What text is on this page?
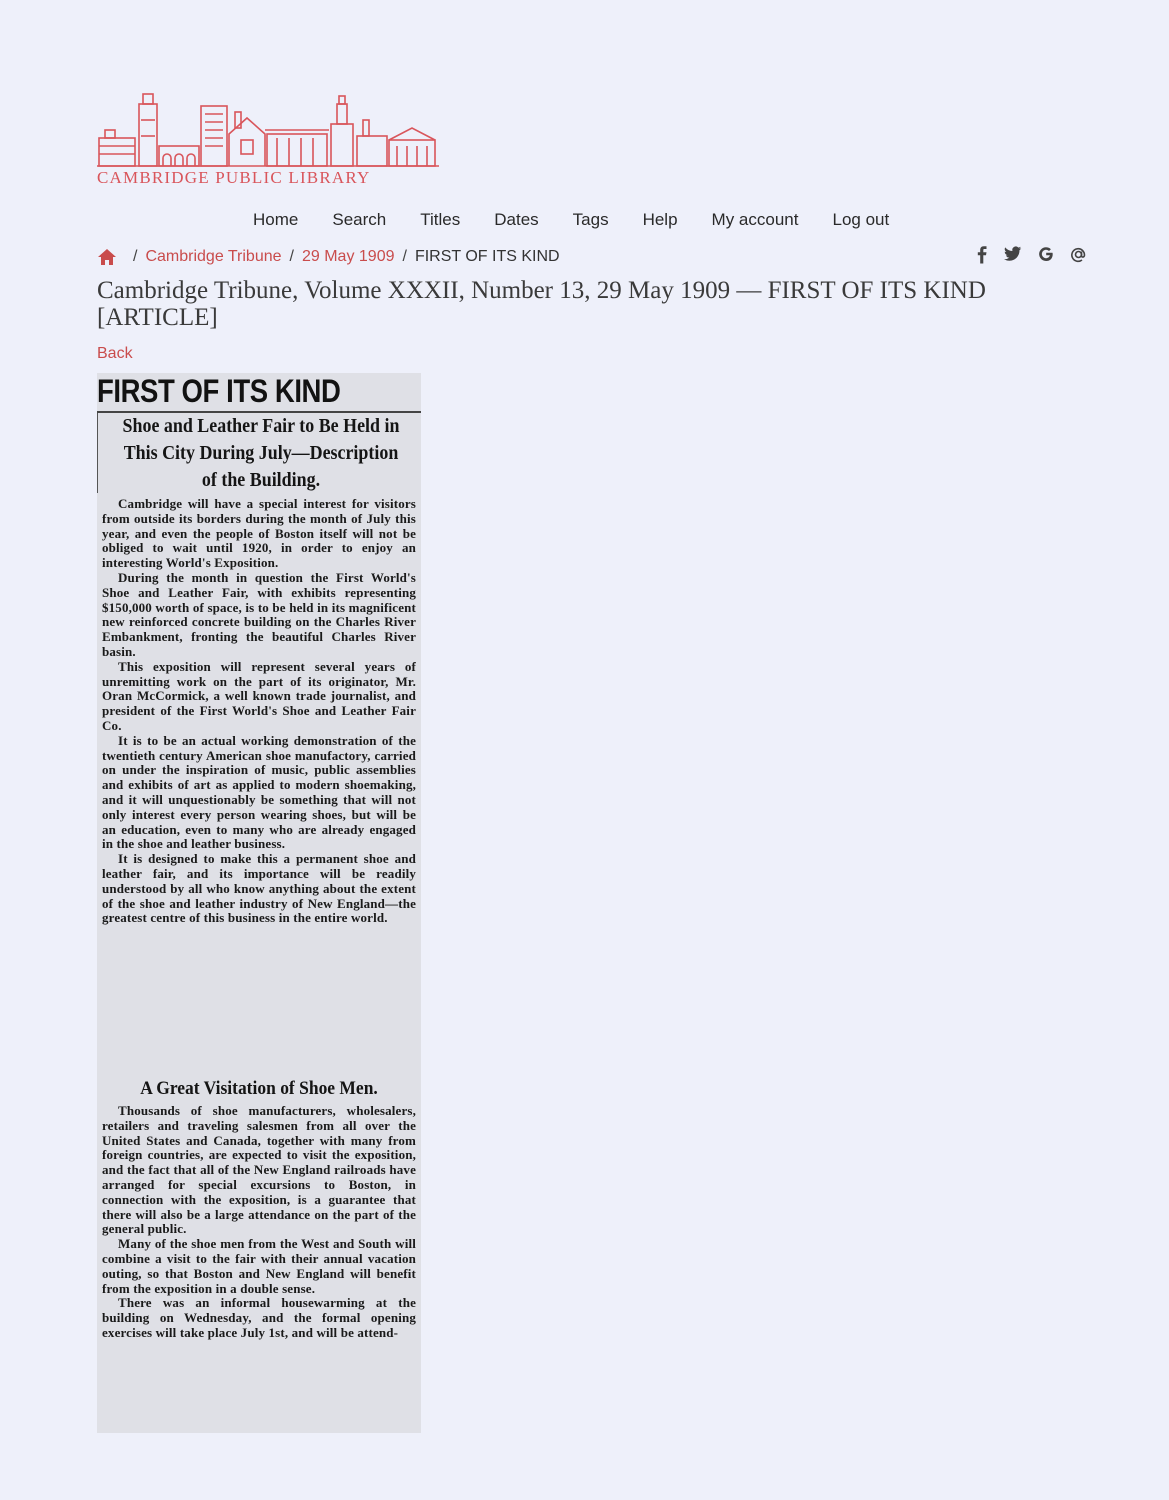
CAMBRIDGE PUBLIC LIBRARY
Home Search Titles Dates Tags Help My account Log out
/ Cambridge Tribune / 29 May 1909 / FIRST OF ITS KIND
Cambridge Tribune, Volume XXXII, Number 13, 29 May 1909 — FIRST OF ITS KIND [ARTICLE]
Back
FIRST OF ITS KIND
Shoe and Leather Fair to Be Held in This City During July—Description of the Building.

Cambridge will have a special interest for visitors from outside its borders during the month of July this year, and even the people of Boston itself will not be obliged to wait until 1920, in order to enjoy an interesting World's Exposition.

During the month in question the First World's Shoe and Leather Fair, with exhibits representing $150,000 worth of space, is to be held in its magnificent new reinforced concrete building on the Charles River Embankment, fronting the beautiful Charles River basin.

This exposition will represent several years of unremitting work on the part of its originator, Mr. Oran McCormick, a well known trade journalist, and president of the First World's Shoe and Leather Fair Co.

It is to be an actual working demonstration of the twentieth century American shoe manufactory, carried on under the inspiration of music, public assemblies and exhibits of art as applied to modern shoemaking, and it will unquestionably be something that will not only interest every person wearing shoes, but will be an education, even to many who are already engaged in the shoe and leather business.

It is designed to make this a permanent shoe and leather fair, and its importance will be readily understood by all who know anything about the extent of the shoe and leather industry of New England—the greatest centre of this business in the entire world.

A Great Visitation of Shoe Men.

Thousands of shoe manufacturers, wholesalers, retailers and traveling salesmen from all over the United States and Canada, together with many from foreign countries, are expected to visit the exposition, and the fact that all of the New England railroads have arranged for special excursions to Boston, in connection with the exposition, is a guarantee that there will also be a large attendance on the part of the general public.

Many of the shoe men from the West and South will combine a visit to the fair with their annual vacation outing, so that Boston and New England will benefit from the exposition in a double sense.

There was an informal housewarming at the building on Wednesday, and the formal opening exercises will take place July 1st, and will be attend-
